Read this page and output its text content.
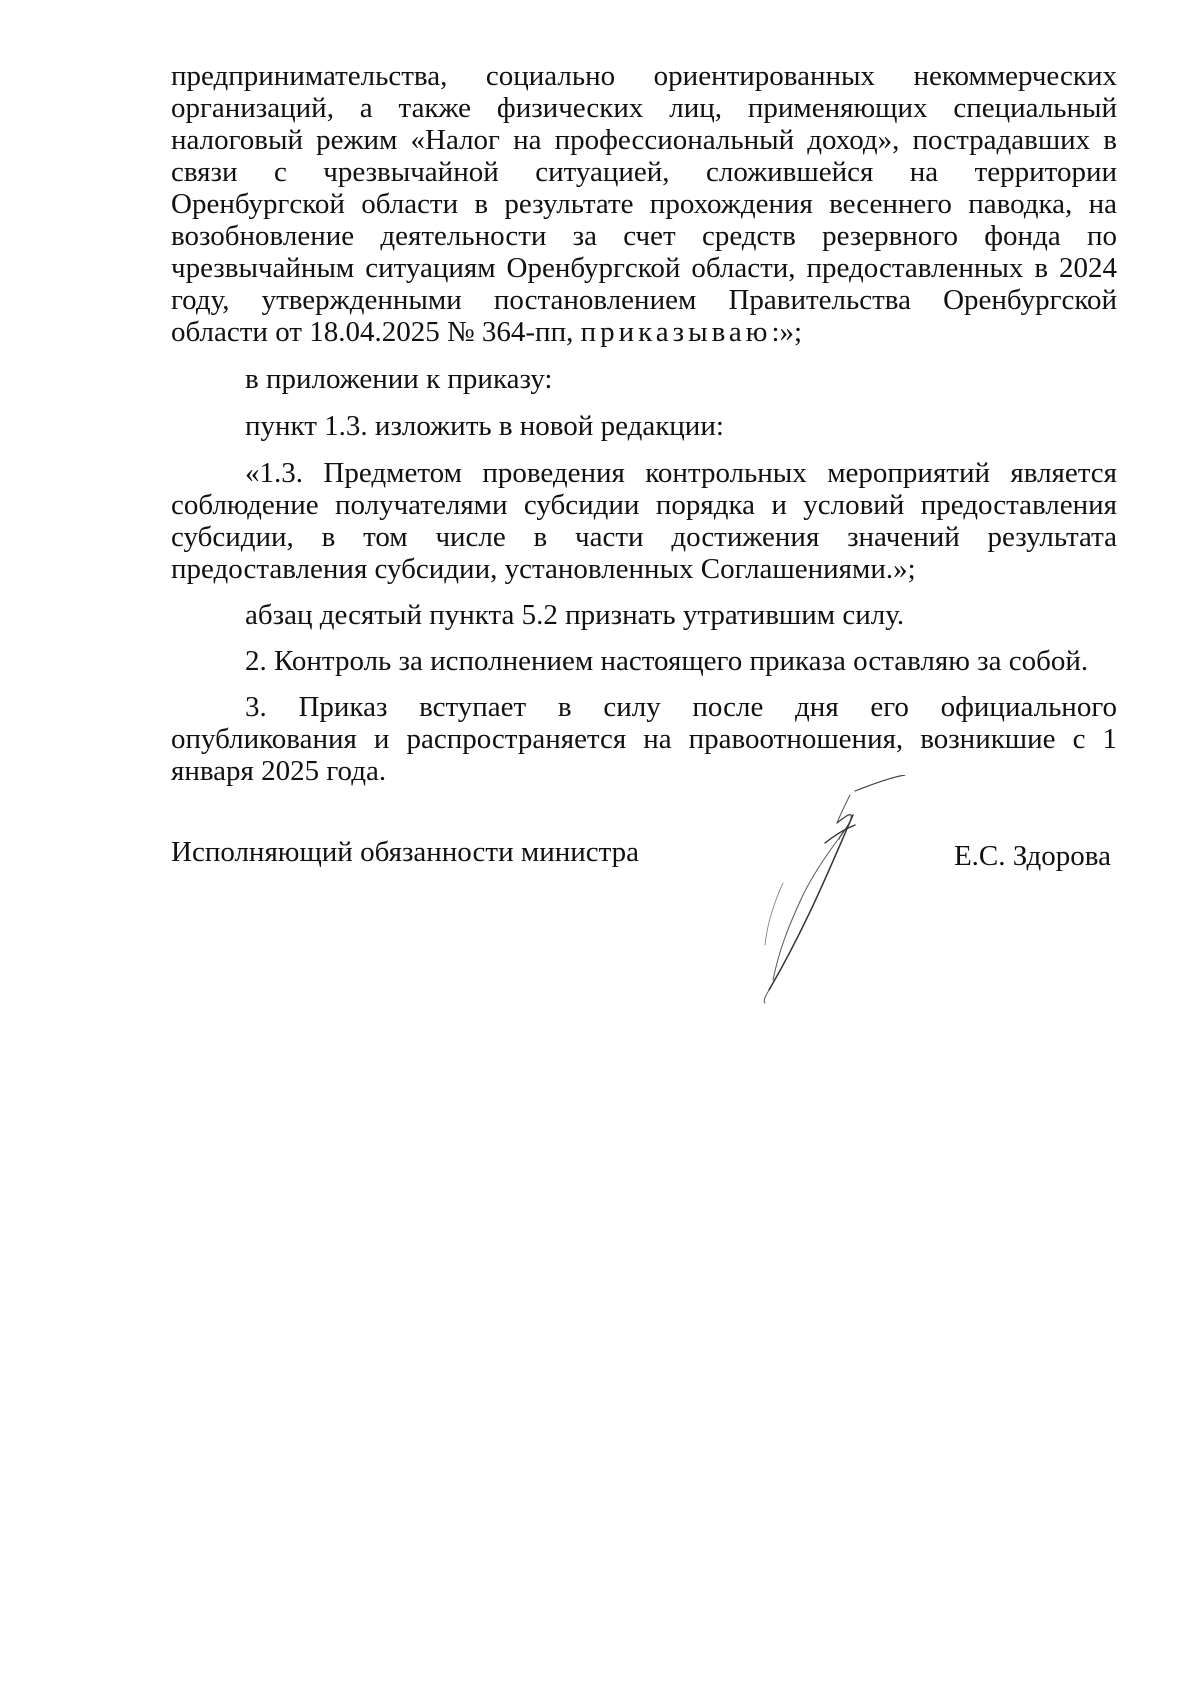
предпринимательства, социально ориентированных некоммерческих
организаций, а также физических лиц, применяющих специальный
налоговый режим «Налог на профессиональный доход», пострадавших в
связи с чрезвычайной ситуацией, сложившейся на территории
Оренбургской области в результате прохождения весеннего паводка, на
возобновление деятельности за счет средств резервного фонда по
чрезвычайным ситуациям Оренбургской области, предоставленных в 2024
году, утвержденными постановлением Правительства Оренбургской
области от 18.04.2025 № 364-пп, приказываю:»;

в приложении к приказу:

пункт 1.3. изложить в новой редакции:

«1.3. Предметом проведения контрольных мероприятий является
соблюдение получателями субсидии порядка и условий предоставления
субсидии, в том числе в части достижения значений результата
предоставления субсидии, установленных Соглашениями.»;

абзац десятый пункта 5.2 признать утратившим силу.

2. Контроль за исполнением настоящего приказа оставляю за собой.

3. Приказ вступает в силу после дня его официального
опубликования и распространяется на правоотношения, возникшие с 1
января 2025 года.
Исполняющий обязанности министра	Е.С. Здорова
